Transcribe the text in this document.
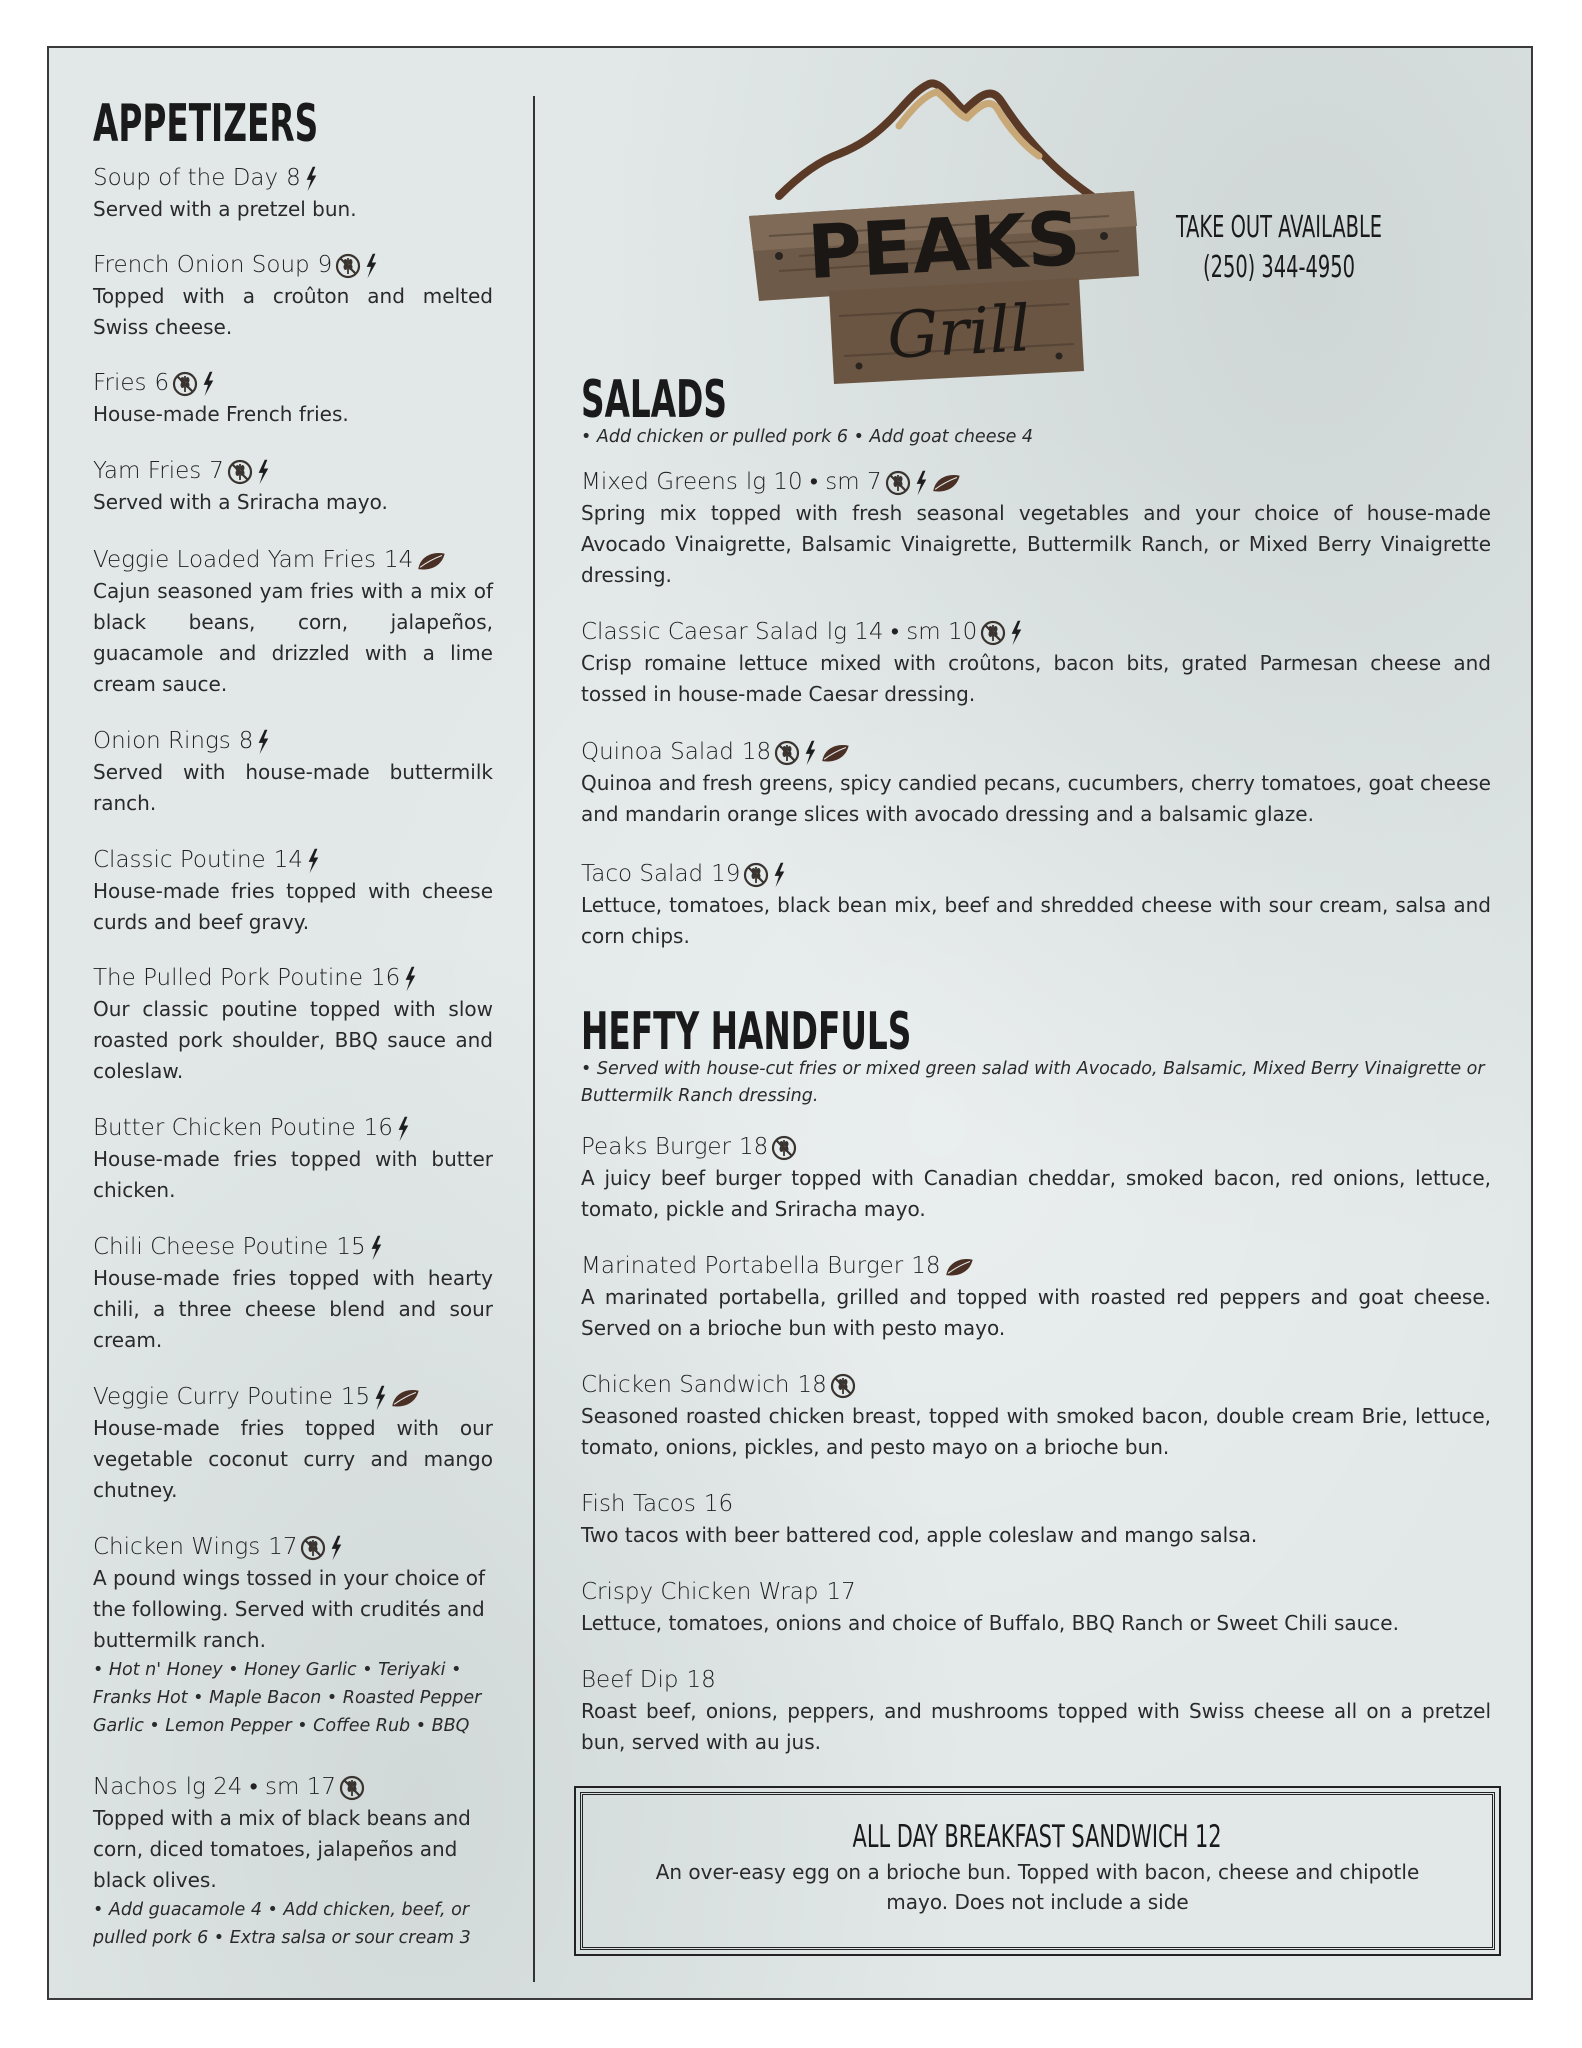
APPETIZERS
Soup of the Day 8
Served with a pretzel bun.
French Onion Soup 9
Topped with a croûton and melted Swiss cheese.
Fries 6
House-made French fries.
Yam Fries 7
Served with a Sriracha mayo.
Veggie Loaded Yam Fries 14
Cajun seasoned yam fries with a mix of black beans, corn, jalapeños, guacamole and drizzled with a lime cream sauce.
Onion Rings 8
Served with house-made buttermilk ranch.
Classic Poutine 14
House-made fries topped with cheese curds and beef gravy.
The Pulled Pork Poutine 16
Our classic poutine topped with slow roasted pork shoulder, BBQ sauce and coleslaw.
Butter Chicken Poutine 16
House-made fries topped with butter chicken.
Chili Cheese Poutine 15
House-made fries topped with hearty chili, a three cheese blend and sour cream.
Veggie Curry Poutine 15
House-made fries topped with our vegetable coconut curry and mango chutney.
Chicken Wings 17
A pound wings tossed in your choice of the following. Served with crudités and buttermilk ranch.
• Hot n' Honey • Honey Garlic • Teriyaki • Franks Hot • Maple Bacon • Roasted Pepper Garlic • Lemon Pepper • Coffee Rub • BBQ
Nachos lg 24 • sm 17
Topped with a mix of black beans and corn, diced tomatoes, jalapeños and black olives.
• Add guacamole 4 • Add chicken, beef, or pulled pork 6 • Extra salsa or sour cream 3
PEAKS
Grill
TAKE OUT AVAILABLE
(250) 344-4950
SALADS
• Add chicken or pulled pork 6 • Add goat cheese 4
Mixed Greens lg 10 • sm 7
Spring mix topped with fresh seasonal vegetables and your choice of house-made Avocado Vinaigrette, Balsamic Vinaigrette, Buttermilk Ranch, or Mixed Berry Vinaigrette dressing.
Classic Caesar Salad lg 14 • sm 10
Crisp romaine lettuce mixed with croûtons, bacon bits, grated Parmesan cheese and tossed in house-made Caesar dressing.
Quinoa Salad 18
Quinoa and fresh greens, spicy candied pecans, cucumbers, cherry tomatoes, goat cheese and mandarin orange slices with avocado dressing and a balsamic glaze.
Taco Salad 19
Lettuce, tomatoes, black bean mix, beef and shredded cheese with sour cream, salsa and corn chips.
HEFTY HANDFULS
• Served with house-cut fries or mixed green salad with Avocado, Balsamic, Mixed Berry Vinaigrette or Buttermilk Ranch dressing.
Peaks Burger 18
A juicy beef burger topped with Canadian cheddar, smoked bacon, red onions, lettuce, tomato, pickle and Sriracha mayo.
Marinated Portabella Burger 18
A marinated portabella, grilled and topped with roasted red peppers and goat cheese. Served on a brioche bun with pesto mayo.
Chicken Sandwich 18
Seasoned roasted chicken breast, topped with smoked bacon, double cream Brie, lettuce, tomato, onions, pickles, and pesto mayo on a brioche bun.
Fish Tacos 16
Two tacos with beer battered cod, apple coleslaw and mango salsa.
Crispy Chicken Wrap 17
Lettuce, tomatoes, onions and choice of Buffalo, BBQ Ranch or Sweet Chili sauce.
Beef Dip 18
Roast beef, onions, peppers, and mushrooms topped with Swiss cheese all on a pretzel bun, served with au jus.
ALL DAY BREAKFAST SANDWICH 12
An over-easy egg on a brioche bun. Topped with bacon, cheese and chipotle mayo. Does not include a side
